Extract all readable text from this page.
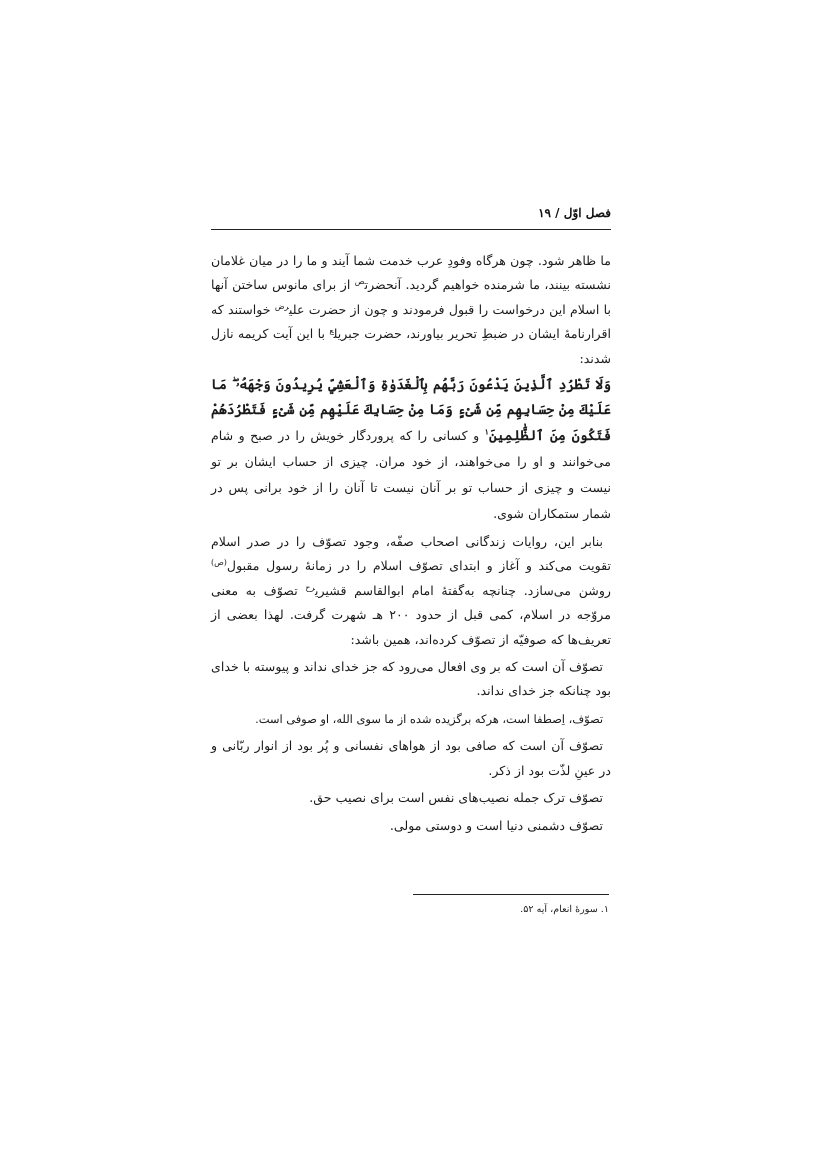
فصل اوّل / ۱۹

ما ظاهر شود. چون هرگاه وفودِ عرب خدمت شما آیند و ما را در میان غلامان نشسته بینند، ما شرمنده خواهیم گردید. آنحضرت$^ص$ از برای مانوس ساختن آنها با اسلام این درخواست را قبول فرمودند و چون از حضرت علی$^{رض}$ خواستند که اقرارنامهٔ ایشان در ضبطِ تحریر بیاورند، حضرت جبریل$^ع$ با این آیت کریمه نازل شدند:

وَلَا تَطْرُدِ ٱلَّذِينَ يَدْعُونَ رَبَّهُم بِٱلْغَدَوٰةِ وَٱلْعَشِيِّ يُرِيدُونَ وَجْهَهُۥ ۖ مَا عَلَيْكَ مِنْ حِسَابِهِم مِّن شَىْءٍ وَمَا مِنْ حِسَابِكَ عَلَيْهِم مِّن شَىْءٍ فَتَطْرُدَهُمْ فَتَكُونَ مِنَ ٱلظَّٰلِمِينَ$^۱$ و کسانی را که پروردگار خویش را در صبح و شام می‌خوانند و او را می‌خواهند، از خود مران. چیزی از حساب ایشان بر تو نیست و چیزی از حساب تو بر آنان نیست تا آنان را از خود برانی پس در شمار ستمکاران شوی.

بنابر این، روایات زندگانی اصحاب صفّه، وجود تصوّف را در صدر اسلام تقویت می‌کند و آغاز و ابتدای تصوّف اسلام را در زمانهٔ رسول مقبول$^{(ص)}$ روشن می‌سازد. چنانچه به‌گفتهٔ امام ابوالقاسم قشیری$^{رح}$ تصوّف به معنی مروّجه در اسلام، کمی قبل از حدود ۲۰۰ هـ شهرت گرفت. لهذا بعضی از تعریف‌ها که صوفیّه از تصوّف کرده‌اند، همین باشد:

تصوّف آن است که بر وی افعال می‌رود که جز خدای نداند و پیوسته با خدای بود چنانکه جز خدای نداند.

تصوّف، اِصطفا است، هرکه برگزیده شده از ما سوی الله، او صوفی است.

تصوّف آن است که صافی بود از هواهای نفسانی و پُر بود از انوار ربّانی و در عینِ لذّت بود از ذکر.

تصوّف ترک جمله نصیب‌های نفس است برای نصیب حق.

تصوّف دشمنی دنیا است و دوستی مولی.

۱. سورهٔ انعام، آیه ۵۲.
